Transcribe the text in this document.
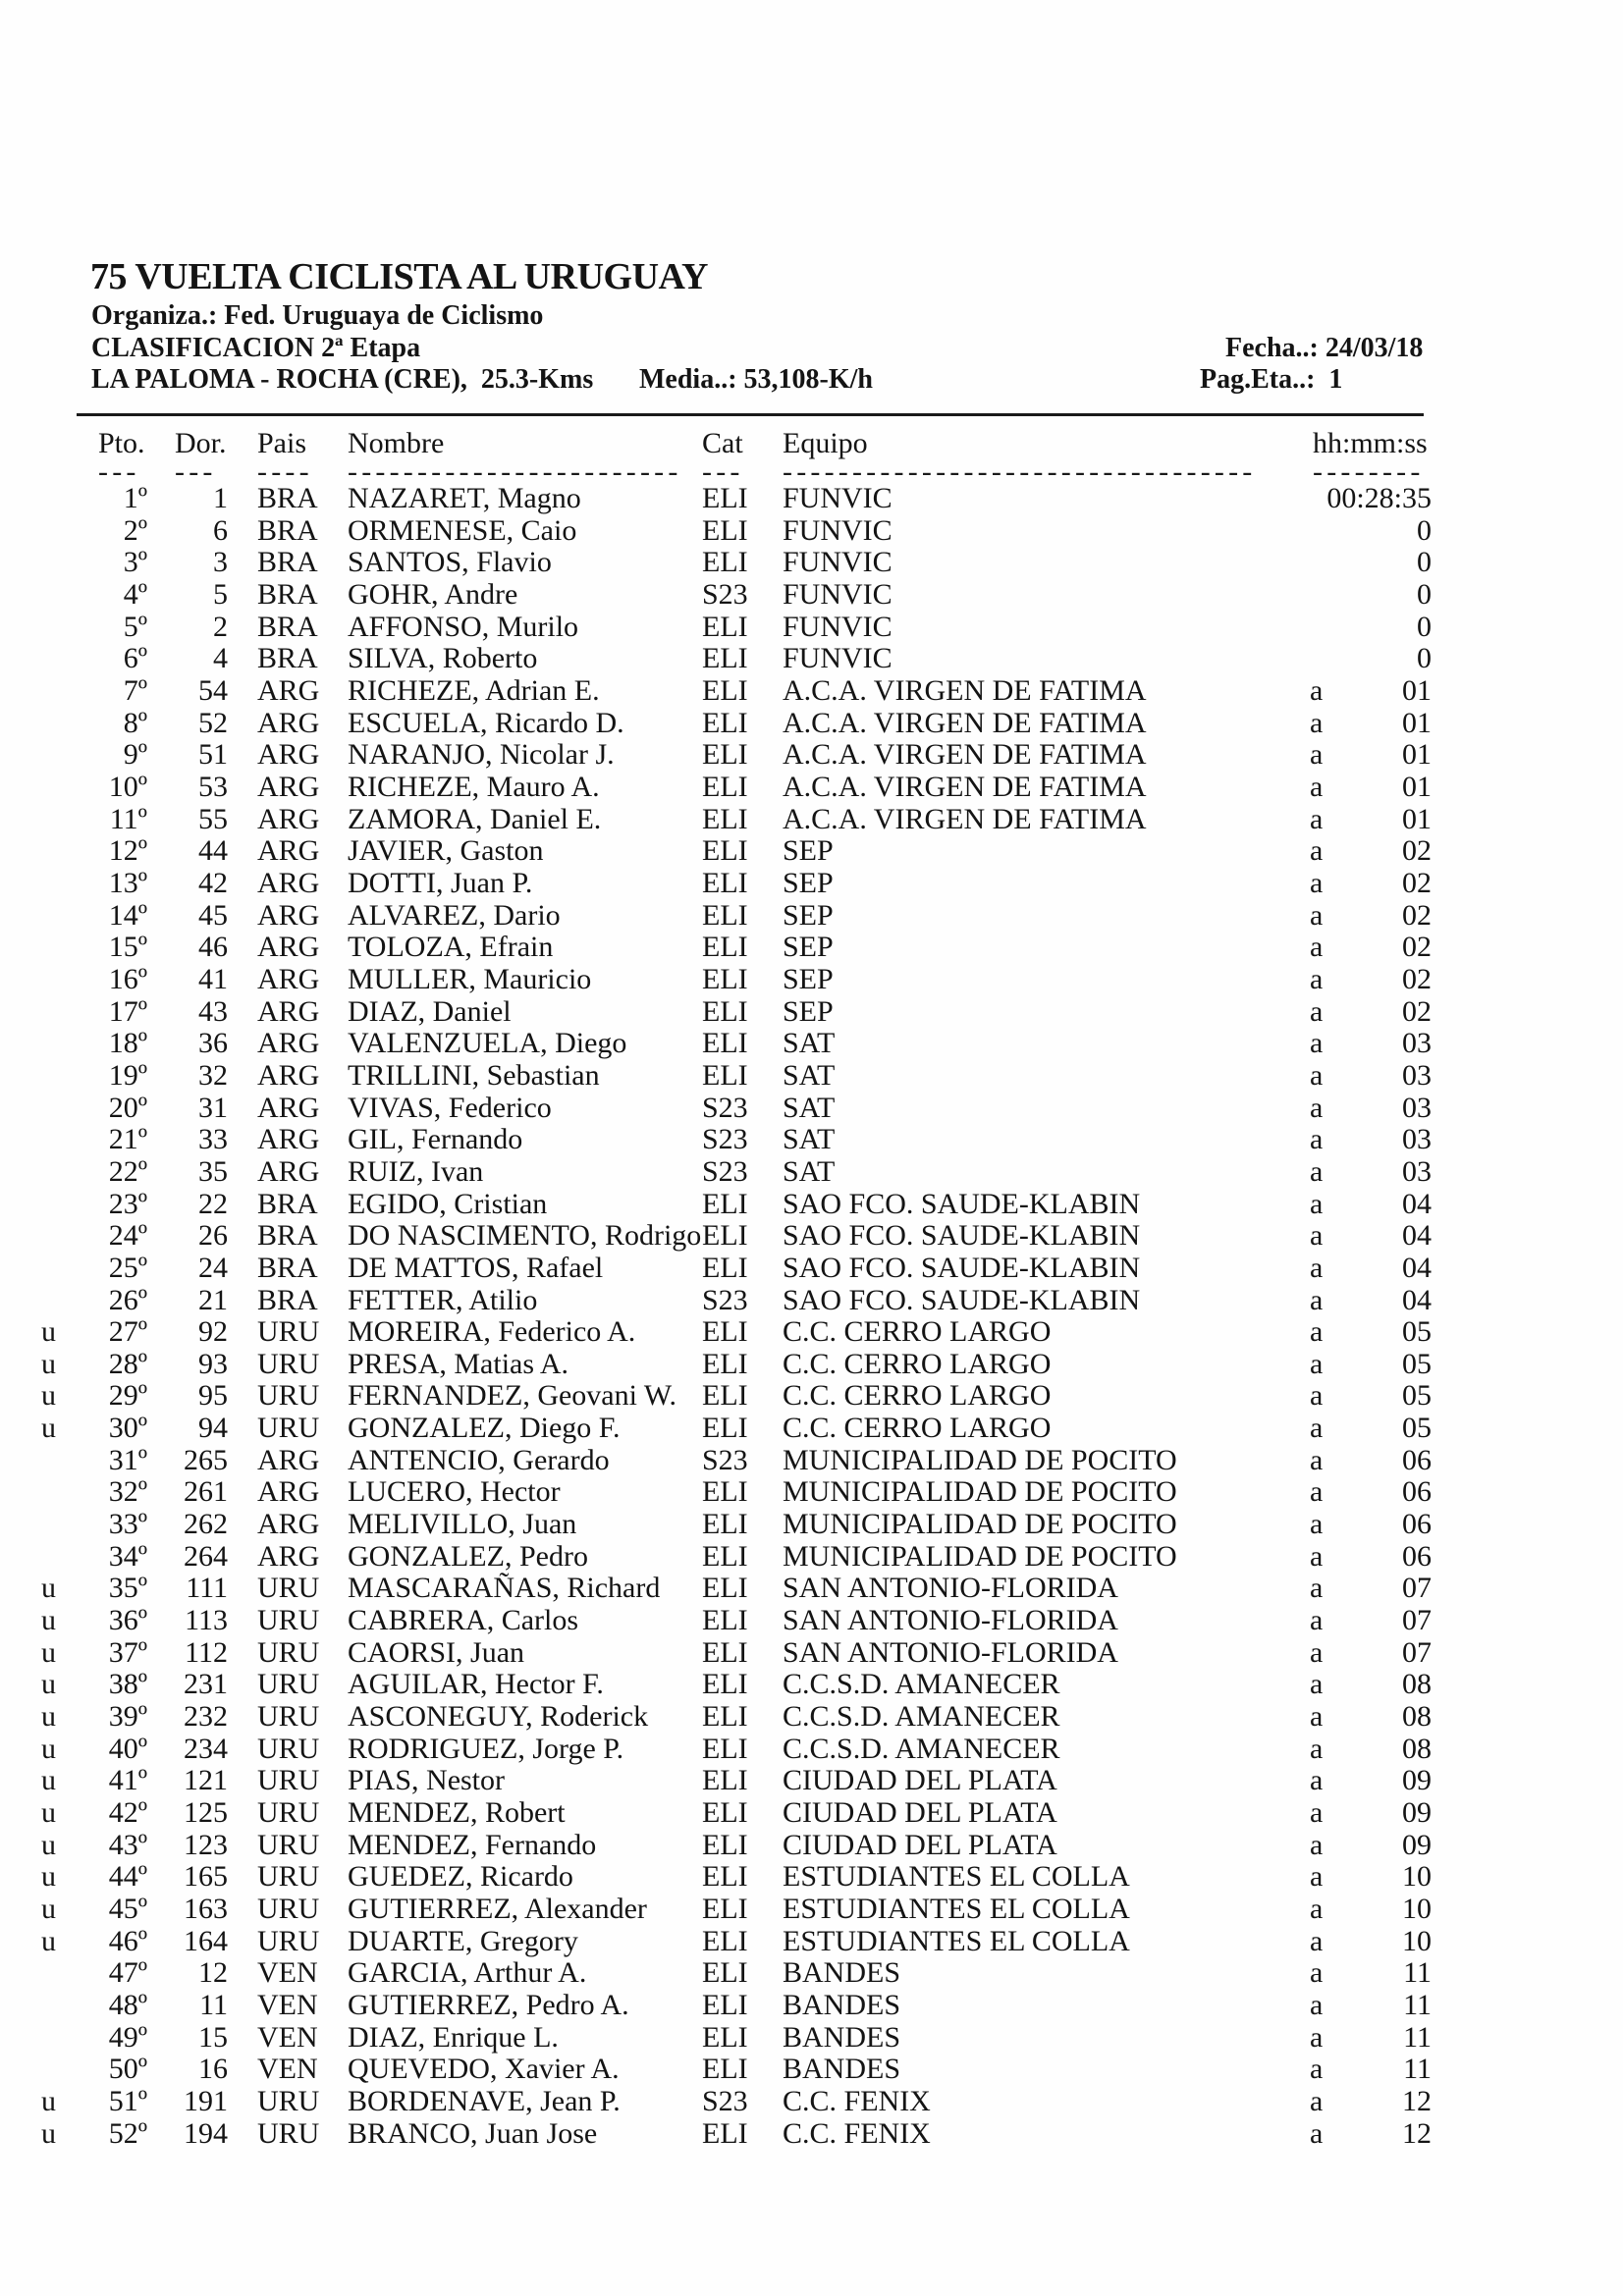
75 VUELTA CICLISTA AL URUGUAY
Organiza.: Fed. Uruguaya de Ciclismo
CLASIFICACION 2ª Etapa	Fecha..: 24/03/18
LA PALOMA - ROCHA (CRE),  25.3-Kms Media..: 53,108-K/h	Pag.Eta..:  1
Pto. Dor. Pais Nombre	Cat Equipo	hh:mm:ss
--- --- ---- ------------------------ --- ---------------------------------- --------
1º	1 BRA NAZARET, Magno	ELI FUNVIC	00:28:35
2º	6 BRA ORMENESE, Caio	ELI FUNVIC	0
3º	3 BRA SANTOS, Flavio	ELI FUNVIC	0
4º	5 BRA GOHR, Andre	S23 FUNVIC	0
5º	2 BRA AFFONSO, Murilo	ELI FUNVIC	0
6º	4 BRA SILVA, Roberto	ELI FUNVIC	0
7º	54 ARG RICHEZE, Adrian E.	ELI A.C.A. VIRGEN DE FATIMA	a	01
8º	52 ARG ESCUELA, Ricardo D.	ELI A.C.A. VIRGEN DE FATIMA	a	01
9º	51 ARG NARANJO, Nicolar J.	ELI A.C.A. VIRGEN DE FATIMA	a	01
10º	53 ARG RICHEZE, Mauro A.	ELI A.C.A. VIRGEN DE FATIMA	a	01
11º	55 ARG ZAMORA, Daniel E.	ELI A.C.A. VIRGEN DE FATIMA	a	01
12º	44 ARG JAVIER, Gaston	ELI SEP	a	02
13º	42 ARG DOTTI, Juan P.	ELI SEP	a	02
14º	45 ARG ALVAREZ, Dario	ELI SEP	a	02
15º	46 ARG TOLOZA, Efrain	ELI SEP	a	02
16º	41 ARG MULLER, Mauricio	ELI SEP	a	02
17º	43 ARG DIAZ, Daniel	ELI SEP	a	02
18º	36 ARG VALENZUELA, Diego	ELI SAT	a	03
19º	32 ARG TRILLINI, Sebastian	ELI SAT	a	03
20º	31 ARG VIVAS, Federico	S23 SAT	a	03
21º	33 ARG GIL, Fernando	S23 SAT	a	03
22º	35 ARG RUIZ, Ivan	S23 SAT	a	03
23º	22 BRA EGIDO, Cristian	ELI SAO FCO. SAUDE-KLABIN	a	04
24º	26 BRA DO NASCIMENTO, Rodrigo ELI SAO FCO. SAUDE-KLABIN	a	04
25º	24 BRA DE MATTOS, Rafael	ELI SAO FCO. SAUDE-KLABIN	a	04
26º	21 BRA FETTER, Atilio	S23 SAO FCO. SAUDE-KLABIN	a	04
u	27º	92 URU MOREIRA, Federico A. ELI C.C. CERRO LARGO	a	05
u	28º	93 URU PRESA, Matias A.	ELI C.C. CERRO LARGO	a	05
u	29º	95 URU FERNANDEZ, Geovani W. ELI C.C. CERRO LARGO	a	05
u	30º	94 URU GONZALEZ, Diego F.	ELI C.C. CERRO LARGO	a	05
31º	265 ARG ANTENCIO, Gerardo	S23 MUNICIPALIDAD DE POCITO	a	06
32º	261 ARG LUCERO, Hector	ELI MUNICIPALIDAD DE POCITO	a	06
33º	262 ARG MELIVILLO, Juan	ELI MUNICIPALIDAD DE POCITO	a	06
34º	264 ARG GONZALEZ, Pedro	ELI MUNICIPALIDAD DE POCITO	a	06
u	35º	111 URU MASCARAÑAS, Richard ELI SAN ANTONIO-FLORIDA	a	07
u	36º	113 URU CABRERA, Carlos	ELI SAN ANTONIO-FLORIDA	a	07
u	37º	112 URU CAORSI, Juan	ELI SAN ANTONIO-FLORIDA	a	07
u	38º	231 URU AGUILAR, Hector F.	ELI C.C.S.D. AMANECER	a	08
u	39º	232 URU ASCONEGUY, Roderick ELI C.C.S.D. AMANECER	a	08
u	40º	234 URU RODRIGUEZ, Jorge P.	ELI C.C.S.D. AMANECER	a	08
u	41º	121 URU PIAS, Nestor	ELI CIUDAD DEL PLATA	a	09
u	42º	125 URU MENDEZ, Robert	ELI CIUDAD DEL PLATA	a	09
u	43º	123 URU MENDEZ, Fernando	ELI CIUDAD DEL PLATA	a	09
u	44º	165 URU GUEDEZ, Ricardo	ELI ESTUDIANTES EL COLLA	a	10
u	45º	163 URU GUTIERREZ, Alexander ELI ESTUDIANTES EL COLLA	a	10
u	46º	164 URU DUARTE, Gregory	ELI ESTUDIANTES EL COLLA	a	10
47º	12 VEN GARCIA, Arthur A.	ELI BANDES	a	11
48º	11 VEN GUTIERREZ, Pedro A. ELI BANDES	a	11
49º	15 VEN DIAZ, Enrique L.	ELI BANDES	a	11
50º	16 VEN QUEVEDO, Xavier A.	ELI BANDES	a	11
u	51º	191 URU BORDENAVE, Jean P.	S23 C.C. FENIX	a	12
u	52º	194 URU BRANCO, Juan Jose	ELI C.C. FENIX	a	12
